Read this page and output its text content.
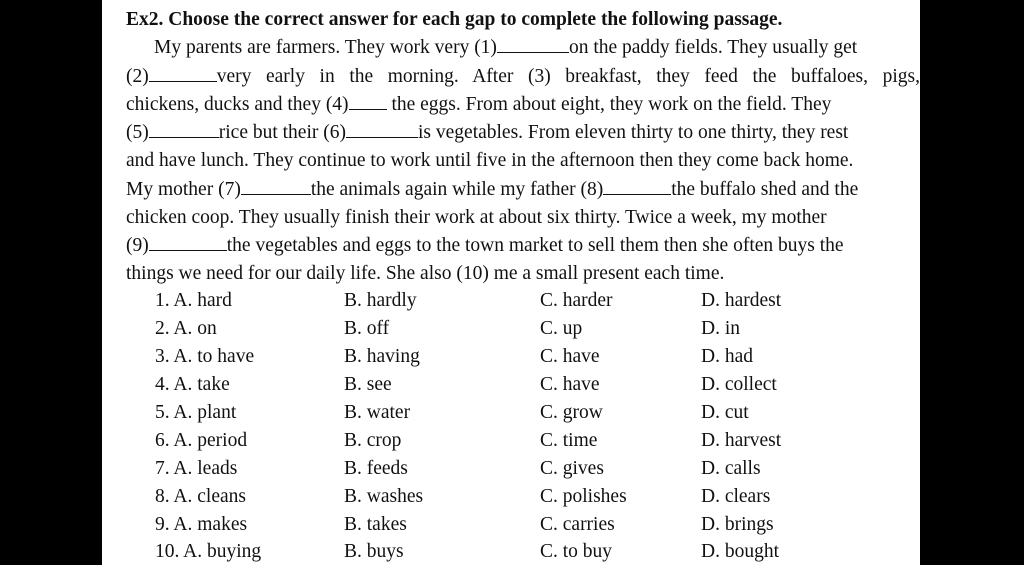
Ex2. Choose the correct answer for each gap to complete the following passage.
My parents are farmers. They work very (1)	on the paddy fields. They usually get
(2)	very early in the morning. After (3) breakfast, they feed the buffaloes, pigs,
chickens, ducks and they (4) the eggs. From about eight, they work on the field. They
(5)	rice but their (6)	is vegetables. From eleven thirty to one thirty, they rest
and have lunch. They continue to work until five in the afternoon then they come back home.
My mother (7)	the animals again while my father (8)	the buffalo shed and the
chicken coop. They usually finish their work at about six thirty. Twice a week, my mother
(9)	the vegetables and eggs to the town market to sell them then she often buys the
things we need for our daily life. She also (10) me a small present each time.
1. A. hard	B. hardly	C. harder	D. hardest
2. A. on	B. off	C. up	D. in
3. A. to have	B. having	C. have	D. had
4. A. take	B. see	C. have	D. collect
5. A. plant	B. water	C. grow	D. cut
6. A. period	B. crop	C. time	D. harvest
7. A. leads	B. feeds	C. gives	D. calls
8. A. cleans	B. washes	C. polishes	D. clears
9. A. makes	B. takes	C. carries	D. brings
10. A. buying	B. buys	C. to buy	D. bought
